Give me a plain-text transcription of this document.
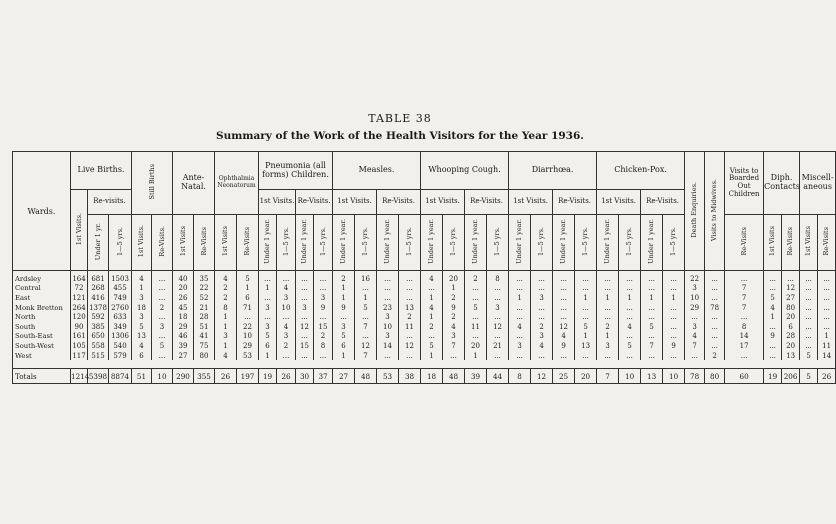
TABLE 38
Summary of the Work of the Health Visitors for the Year 1936.
Wards.	Live Births.			Still Births		Ante-Natal.		Ophthalmia Neonatorum		Pneumonia (all forms) Children.				Measles.				Whooping Cough.				Diarrhœa.				Chicken-Pox.				Death Enquiries.	Visits to Midwives.	Visits to Boarded Out Children	Diph. Contacts		Miscell-aneous	
	1st Visits.	Re-visits.								1st Visits.		Re-Visits.		1st Visits.		Re-Visits.		1st Visits.		Re-Visits.		1st Visits.		Re-Visits.		1st Visits.		Re-Visits.								
		Under 1 yr.	1—5 yrs.	1st Visits.	Re-Visits.	1st Visits	Re-Visits	1st Visits	Re-Visits	Under 1 year.	1—5 yrs.	Under 1 year.	1—5 yrs.	Under 1 year.	1—5 yrs.	Under 1 year.	1—5 yrs.	Under 1 year.	1—5 yrs.	Under 1 year.	1—5 yrs.	Under 1 year.	1—5 yrs.	Under 1 year.	1—5 yrs.	Under 1 year.	1—5 yrs.	Under 1 year.	1—5 yrs.			Re-Visits	1st Visits	Re-Visits	1st Visits	Re-Visits
Ardsley	164	681	1503	4	...	40	35	4	5	...	...	...	...	2	16	...	...	4	20	2	8	...	...	...	...	...	...	...	...	22	...	...	...	...	...	...
Central	72	268	455	1	...	20	22	2	1	1	4	...	...	1	...	...	...	...	1	...	...	...	...	...	...	...	...	...	...	3	...	7	...	12	...	...
East	121	416	749	3	...	26	52	2	6	...	3	...	3	1	1	...	...	1	2	...	...	1	3	...	1	1	1	1	1	10	...	7	5	27	...	...
Monk Bretton	264	1378	2760	18	2	45	21	8	71	3	10	3	9	9	5	23	13	4	9	5	3	...	...	...	...	...	...	...	...	29	78	7	4	80	...	...
North	120	592	633	3	...	18	28	1	...	...	...	...	...	...	...	3	2	1	2	...	...	...	...	...	...	...	...	...	...	...	...	...	1	20	...	...
South	90	385	349	5	3	29	51	1	22	3	4	12	15	3	7	10	11	2	4	11	12	4	2	12	5	2	4	5	...	3	...	8	...	6	...	...
South-East	161	650	1306	13	...	46	41	3	10	5	3	...	2	5	...	3	...	...	3	...	...	...	3	4	1	1	...	...	...	4	...	14	9	28	...	1
South-West	105	558	540	4	5	39	75	1	29	6	2	15	8	6	12	14	12	5	7	20	21	3	4	9	13	3	5	7	9	7	...	17	...	20	...	11
West	117	515	579	6	...	27	80	4	53	1	...	...	...	1	7	...	...	1	...	1	...	...	...	...	...	...	...	...	...	...	2	...	...	13	5	14

Totals	1214	5398	8874	51	10	290	355	26	197	19	26	30	37	27	48	53	38	18	48	39	44	8	12	25	20	7	10	13	10	78	80	60	19	206	5	26
